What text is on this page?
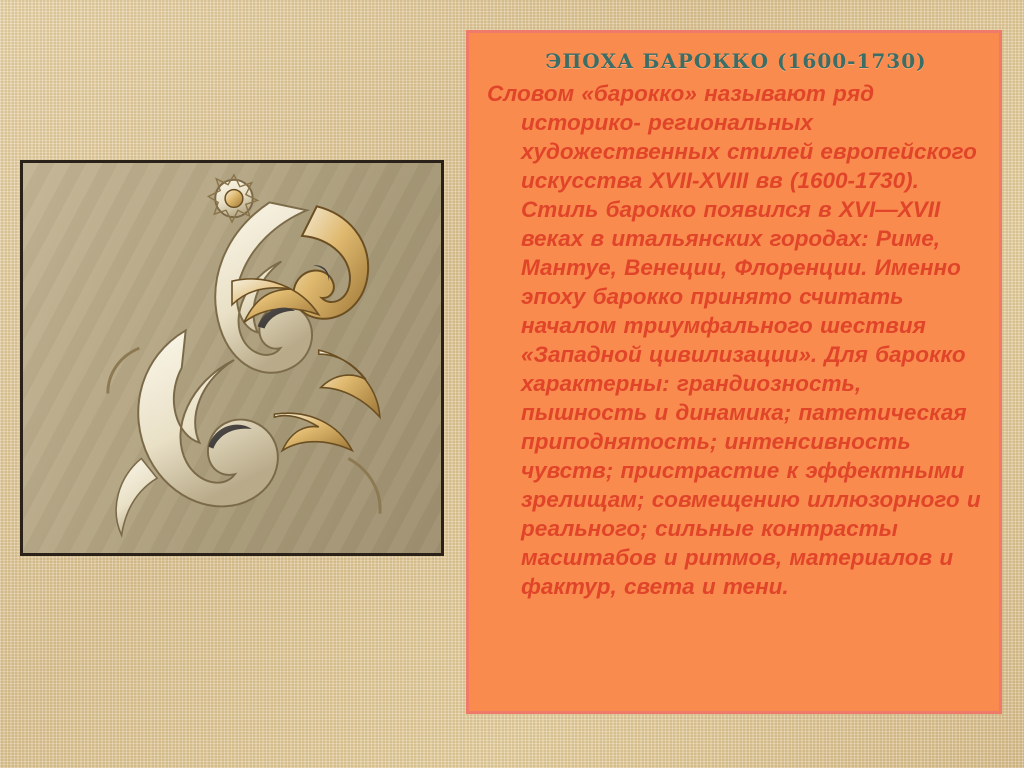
ЭПОХА БАРОККО (1600-1730)

Словом «барокко» называют ряд историко- региональных художественных стилей европейского искусства XVII-XVIII вв (1600-1730). Стиль барокко появился в XVI—XVII веках в итальянских городах: Риме, Мантуе, Венеции, Флоренции. Именно эпоху барокко принято считать началом триумфального шествия «Западной цивилизации». Для барокко характерны: грандиозность, пышность и динамика; патетическая приподнятость; интенсивность чувств; пристрастие к эффектными зрелищам; совмещению иллюзорного и реального; сильные контрасты масштабов и ритмов, материалов и фактур, света и тени.
